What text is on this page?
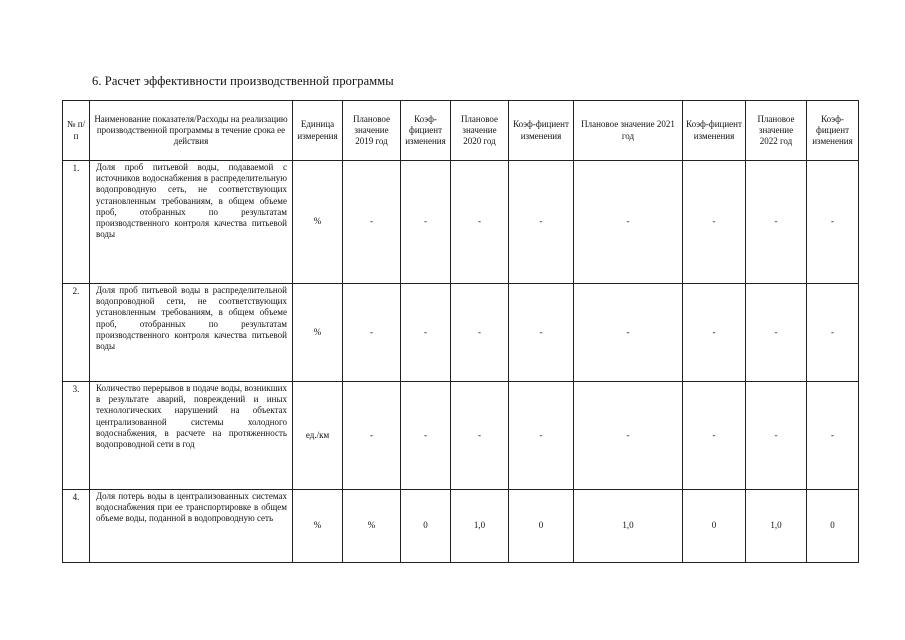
6. Расчет эффективности производственной программы
№ п/п	Наименование показателя/Расходы на реализацию производственной программы в течение срока ее действия	Единица измерения	Плановое значение 2019 год	Коэф-фициент изменения	Плановое значение 2020 год	Коэф-фициент изменения	Плановое значение 2021 год	Коэф-фициент изменения	Плановое значение 2022 год	Коэф-фициент изменения
1.	Доля проб питьевой воды, подаваемой с источников водоснабжения в распределительную водопроводную сеть, не соответствующих установленным требованиям, в общем объеме проб, отобранных по результатам производственного контроля качества питьевой воды	%	-	-	-	-	-	-	-	-
2.	Доля проб питьевой воды в распределительной водопроводной сети, не соответствующих установленным требованиям, в общем объеме проб, отобранных по результатам производственного контроля качества питьевой воды	%	-	-	-	-	-	-	-	-
3.	Количество перерывов в подаче воды, возникших в результате аварий, повреждений и иных технологических нарушений на объектах централизованной системы холодного водоснабжения, в расчете на протяженность водопроводной сети в год	ед./км	-	-	-	-	-	-	-	-
4.	Доля потерь воды в централизованных системах водоснабжения при ее транспортировке в общем объеме воды, поданной в водопроводную сеть	%	%	0	1,0	0	1,0	0	1,0	0
